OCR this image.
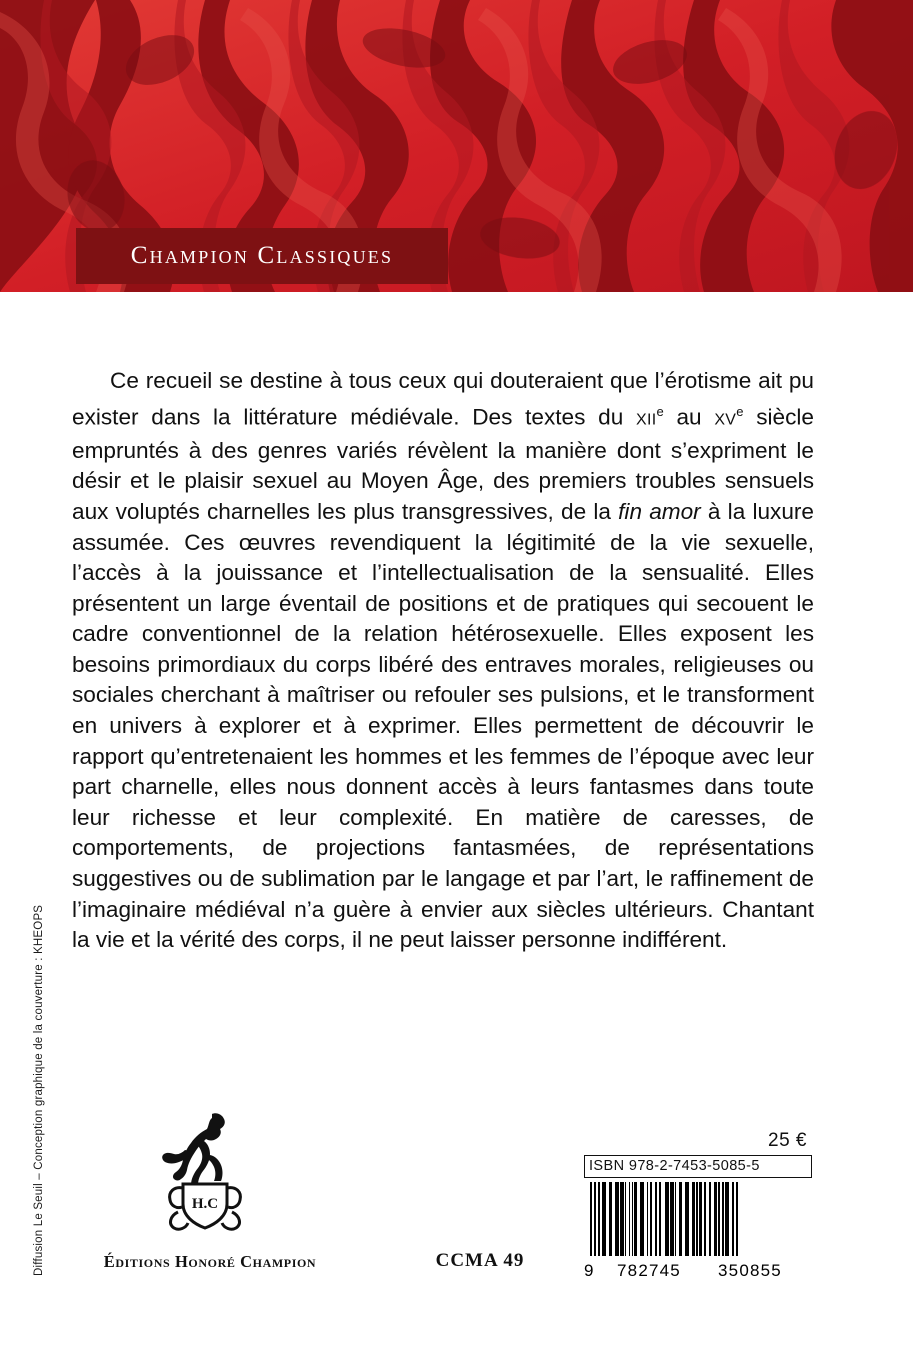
Champion Classiques
Ce recueil se destine à tous ceux qui douteraient que l’érotisme ait pu exister dans la littérature médiévale. Des textes du XIIe au XVe siècle empruntés à des genres variés révèlent la manière dont s’expriment le désir et le plaisir sexuel au Moyen Âge, des premiers troubles sensuels aux voluptés charnelles les plus transgressives, de la fin amor à la luxure assumée. Ces œuvres revendiquent la légitimité de la vie sexuelle, l’accès à la jouissance et l’intellectualisation de la sensualité. Elles présentent un large éventail de positions et de pratiques qui secouent le cadre conventionnel de la relation hétérosexuelle. Elles exposent les besoins primordiaux du corps libéré des entraves morales, religieuses ou sociales cherchant à maîtriser ou refouler ses pulsions, et le transforment en univers à explorer et à exprimer. Elles permettent de découvrir le rapport qu’entretenaient les hommes et les femmes de l’époque avec leur part charnelle, elles nous donnent accès à leurs fantasmes dans toute leur richesse et leur complexité. En matière de caresses, de comportements, de projections fantasmées, de représentations suggestives ou de sublimation par le langage et par l’art, le raffinement de l’imaginaire médiéval n’a guère à envier aux siècles ultérieurs. Chantant la vie et la vérité des corps, il ne peut laisser personne indifférent.
Diffusion Le Seuil – Conception graphique de la couverture : KHEOPS	H.C
Éditions Honoré Champion	CCMA 49
25 €
ISBN 978-2-7453-5085-5
9	782745	350855
